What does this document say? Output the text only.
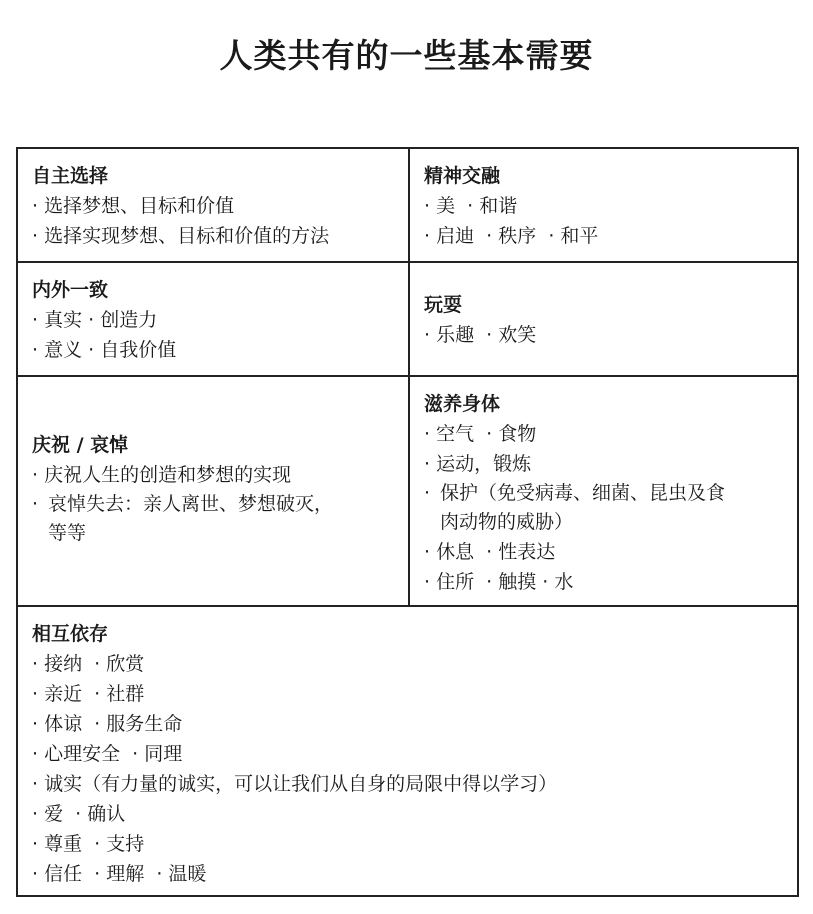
人类共有的一些基本需要
自主选择
· 选择梦想、目标和价值
· 选择实现梦想、目标和价值的方法
精神交融
· 美  · 和谐
· 启迪  · 秩序  · 和平
内外一致
· 真实 · 创造力
· 意义 · 自我价值
玩耍
· 乐趣  · 欢笑
庆祝 / 哀悼
· 庆祝人生的创造和梦想的实现
· 哀悼失去：亲人离世、梦想破灭，
等等
滋养身体
· 空气  · 食物
· 运动，锻炼
· 保护（免受病毒、细菌、昆虫及食
肉动物的威胁）
· 休息  · 性表达
· 住所  · 触摸 · 水
相互依存
· 接纳  · 欣赏
· 亲近  · 社群
· 体谅  · 服务生命
· 心理安全  · 同理
· 诚实（有力量的诚实，可以让我们从自身的局限中得以学习）
· 爱  · 确认
· 尊重  · 支持
· 信任  · 理解  · 温暖
